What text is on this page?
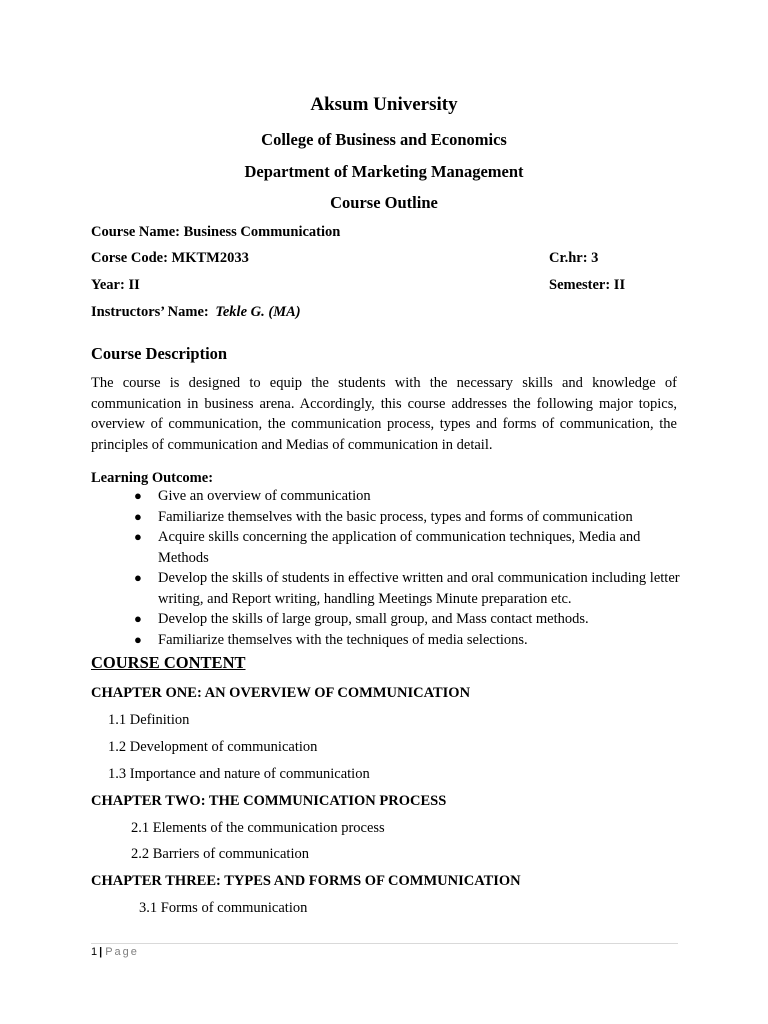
Aksum University
College of Business and Economics
Department of Marketing Management
Course Outline
Course Name: Business Communication
Corse Code: MKTM2033	Cr.hr: 3
Year: II	Semester: II
Instructors’ Name: Tekle G. (MA)
Course Description
The course is designed to equip the students with the necessary skills and knowledge of communication in business arena. Accordingly, this course addresses the following major topics, overview of communication, the communication process, types and forms of communication, the principles of communication and Medias of communication in detail.
Learning Outcome:
● Give an overview of communication
● Familiarize themselves with the basic process, types and forms of communication
● Acquire skills concerning the application of communication techniques, Media and Methods
● Develop the skills of students in effective written and oral communication including letter writing, and Report writing, handling Meetings Minute preparation etc.
● Develop the skills of large group, small group, and Mass contact methods.
● Familiarize themselves with the techniques of media selections.
COURSE CONTENT
CHAPTER ONE: AN OVERVIEW OF COMMUNICATION
1.1 Definition
1.2 Development of communication
1.3 Importance and nature of communication
CHAPTER TWO: THE COMMUNICATION PROCESS
2.1 Elements of the communication process
2.2 Barriers of communication
CHAPTER THREE: TYPES AND FORMS OF COMMUNICATION
3.1 Forms of communication
1 | Page
